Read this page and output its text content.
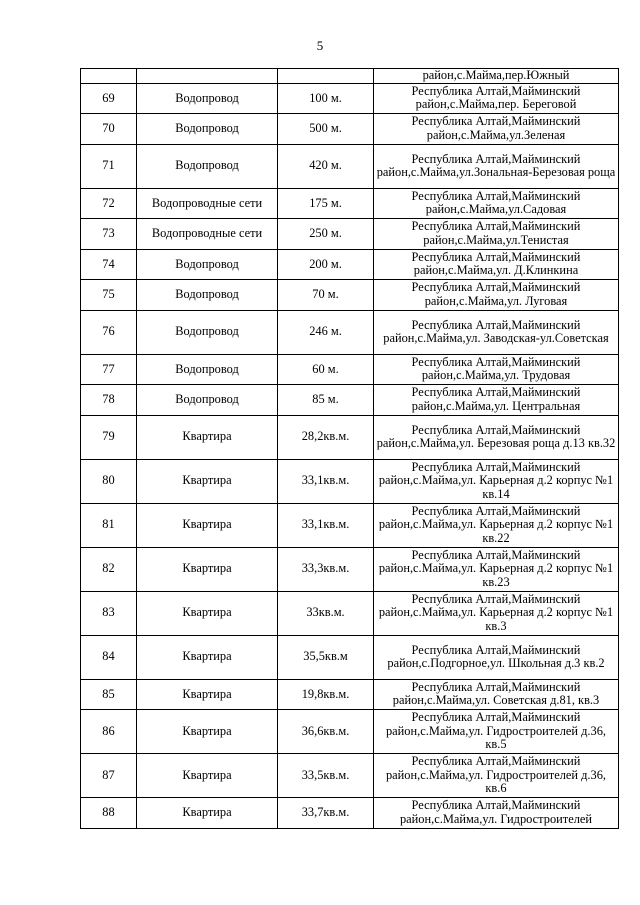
5
			район,с.Майма,пер.Южный
69	Водопровод	100 м.	Республика Алтай,Майминский район,с.Майма,пер. Береговой
70	Водопровод	500 м.	Республика Алтай,Майминский район,с.Майма,ул.Зеленая
71	Водопровод	420 м.	Республика Алтай,Майминский район,с.Майма,ул.Зональная-Березовая роща
72	Водопроводные сети	175 м.	Республика Алтай,Майминский район,с.Майма,ул.Садовая
73	Водопроводные сети	250 м.	Республика Алтай,Майминский район,с.Майма,ул.Тенистая
74	Водопровод	200 м.	Республика Алтай,Майминский район,с.Майма,ул. Д.Клинкина
75	Водопровод	70 м.	Республика Алтай,Майминский район,с.Майма,ул. Луговая
76	Водопровод	246 м.	Республика Алтай,Майминский район,с.Майма,ул. Заводская-ул.Советская
77	Водопровод	60 м.	Республика Алтай,Майминский район,с.Майма,ул. Трудовая
78	Водопровод	85 м.	Республика Алтай,Майминский район,с.Майма,ул. Центральная
79	Квартира	28,2кв.м.	Республика Алтай,Майминский район,с.Майма,ул. Березовая роща д.13 кв.32
80	Квартира	33,1кв.м.	Республика Алтай,Майминский район,с.Майма,ул. Карьерная д.2 корпус №1 кв.14
81	Квартира	33,1кв.м.	Республика Алтай,Майминский район,с.Майма,ул. Карьерная д.2 корпус №1 кв.22
82	Квартира	33,3кв.м.	Республика Алтай,Майминский район,с.Майма,ул. Карьерная д.2 корпус №1 кв.23
83	Квартира	33кв.м.	Республика Алтай,Майминский район,с.Майма,ул. Карьерная д.2 корпус №1 кв.3
84	Квартира	35,5кв.м	Республика Алтай,Майминский район,с.Подгорное,ул. Школьная д.3 кв.2
85	Квартира	19,8кв.м.	Республика Алтай,Майминский район,с.Майма,ул. Советская д.81, кв.3
86	Квартира	36,6кв.м.	Республика Алтай,Майминский район,с.Майма,ул. Гидростроителей д.36, кв.5
87	Квартира	33,5кв.м.	Республика Алтай,Майминский район,с.Майма,ул. Гидростроителей д.36, кв.6
88	Квартира	33,7кв.м.	Республика Алтай,Майминский район,с.Майма,ул. Гидростроителей
